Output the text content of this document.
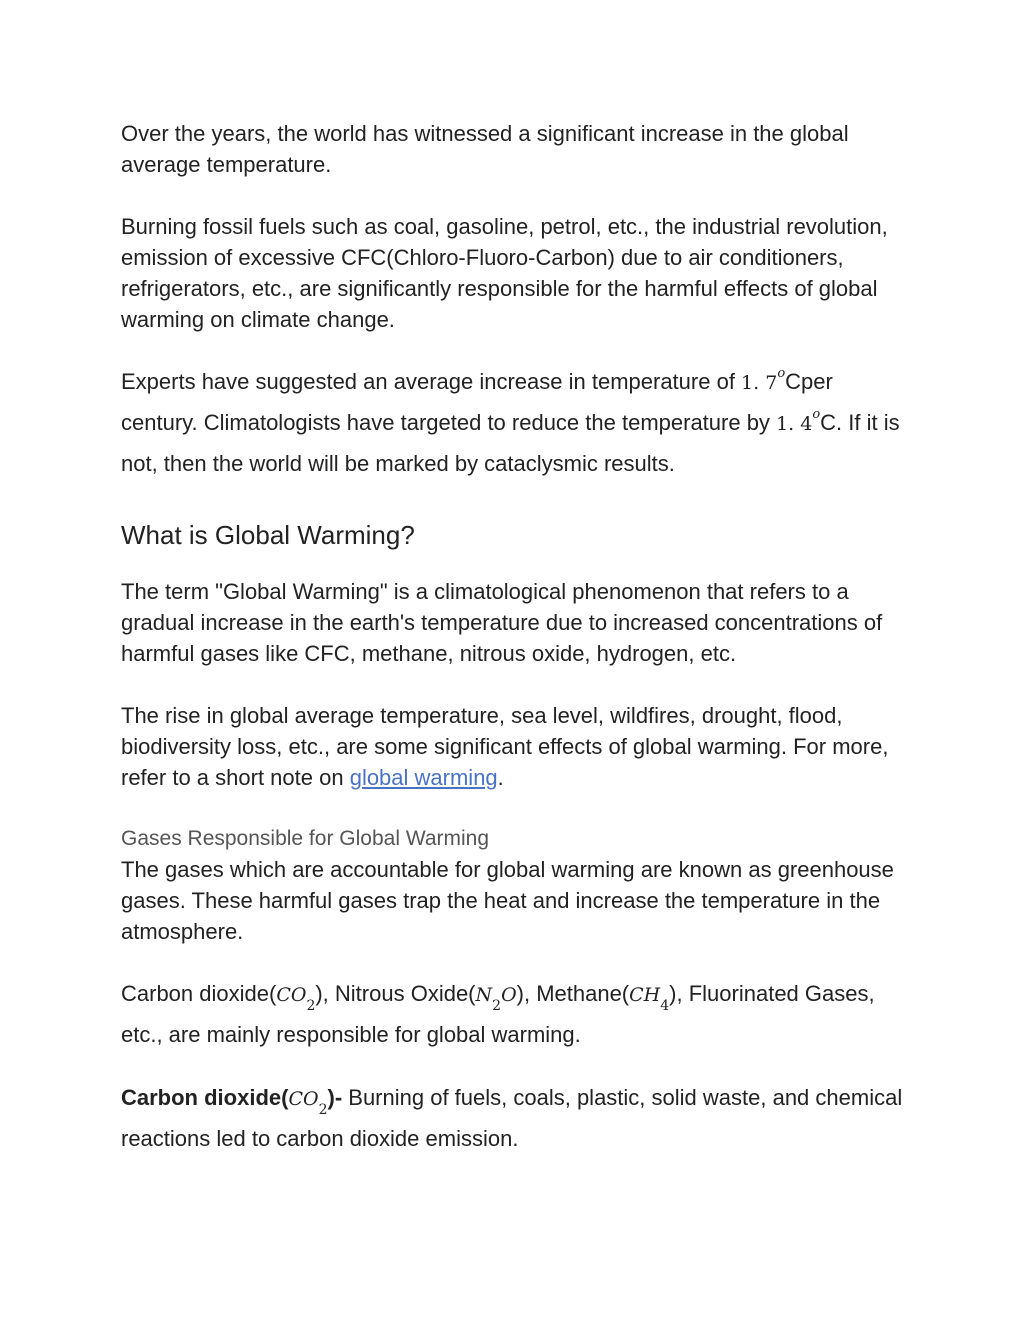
Over the years, the world has witnessed a significant increase in the global average temperature.

Burning fossil fuels such as coal, gasoline, petrol, etc., the industrial revolution, emission of excessive CFC(Chloro-Fluoro-Carbon) due to air conditioners, refrigerators, etc., are significantly responsible for the harmful effects of global warming on climate change.

Experts have suggested an average increase in temperature of 1. 7$^o$Cper century. Climatologists have targeted to reduce the temperature by 1. 4$^o$C. If it is not, then the world will be marked by cataclysmic results.

What is Global Warming?

The term "Global Warming" is a climatological phenomenon that refers to a gradual increase in the earth's temperature due to increased concentrations of harmful gases like CFC, methane, nitrous oxide, hydrogen, etc.

The rise in global average temperature, sea level, wildfires, drought, flood, biodiversity loss, etc., are some significant effects of global warming. For more, refer to a short note on global warming.

Gases Responsible for Global Warming

The gases which are accountable for global warming are known as greenhouse gases. These harmful gases trap the heat and increase the temperature in the atmosphere.

Carbon $dioxide(CO_2)$, Nitrous $Oxide(N_2O)$, $Methane(CH_4)$, Fluorinated Gases, etc., are mainly responsible for global warming.

Carbon $dioxide(CO_2)-$ Burning of fuels, coals, plastic, solid waste, and chemical reactions led to carbon dioxide emission.
